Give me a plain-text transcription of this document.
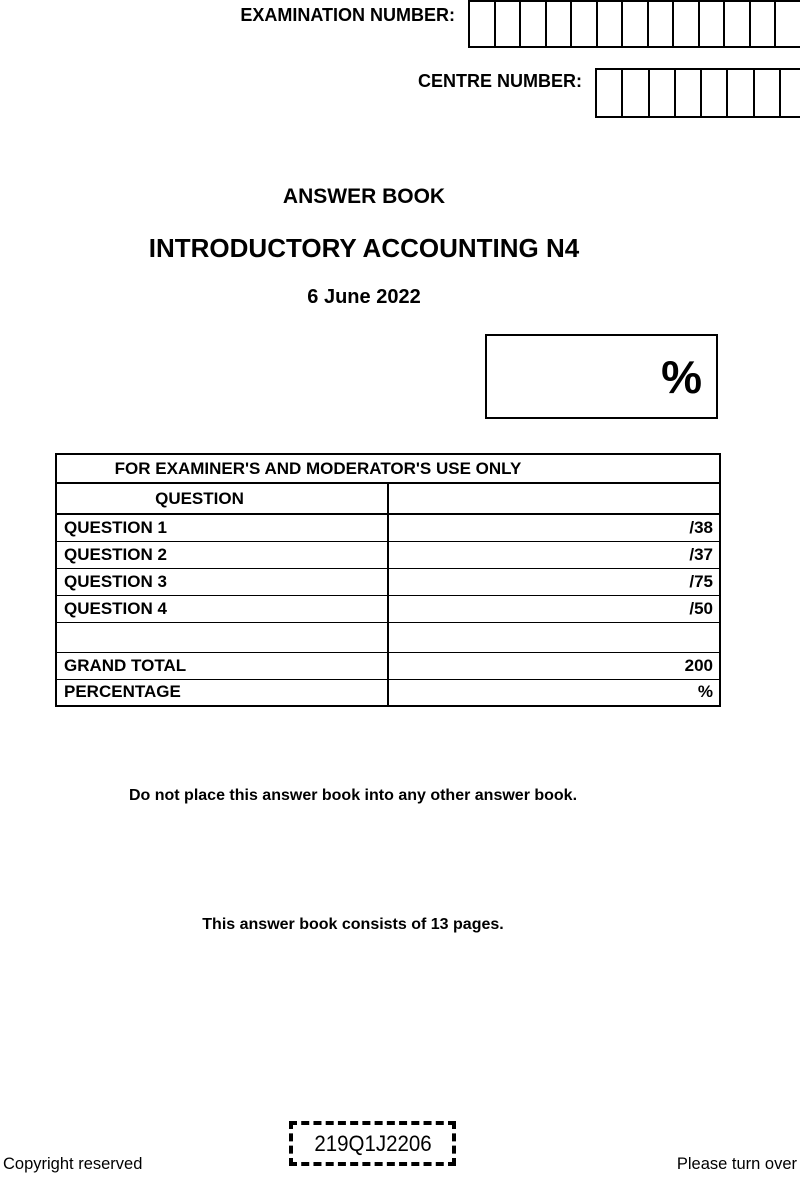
EXAMINATION NUMBER:
CENTRE NUMBER:
ANSWER BOOK
INTRODUCTORY ACCOUNTING N4
6 June 2022
%
FOR EXAMINER'S AND MODERATOR'S USE ONLY	
QUESTION	
QUESTION 1	/38
QUESTION 2	/37
QUESTION 3	/75
QUESTION 4	/50

GRAND TOTAL	200
PERCENTAGE	%
Do not place this answer book into any other answer book.
This answer book consists of 13 pages.
219Q1J2206
Copyright reserved	Please turn over
